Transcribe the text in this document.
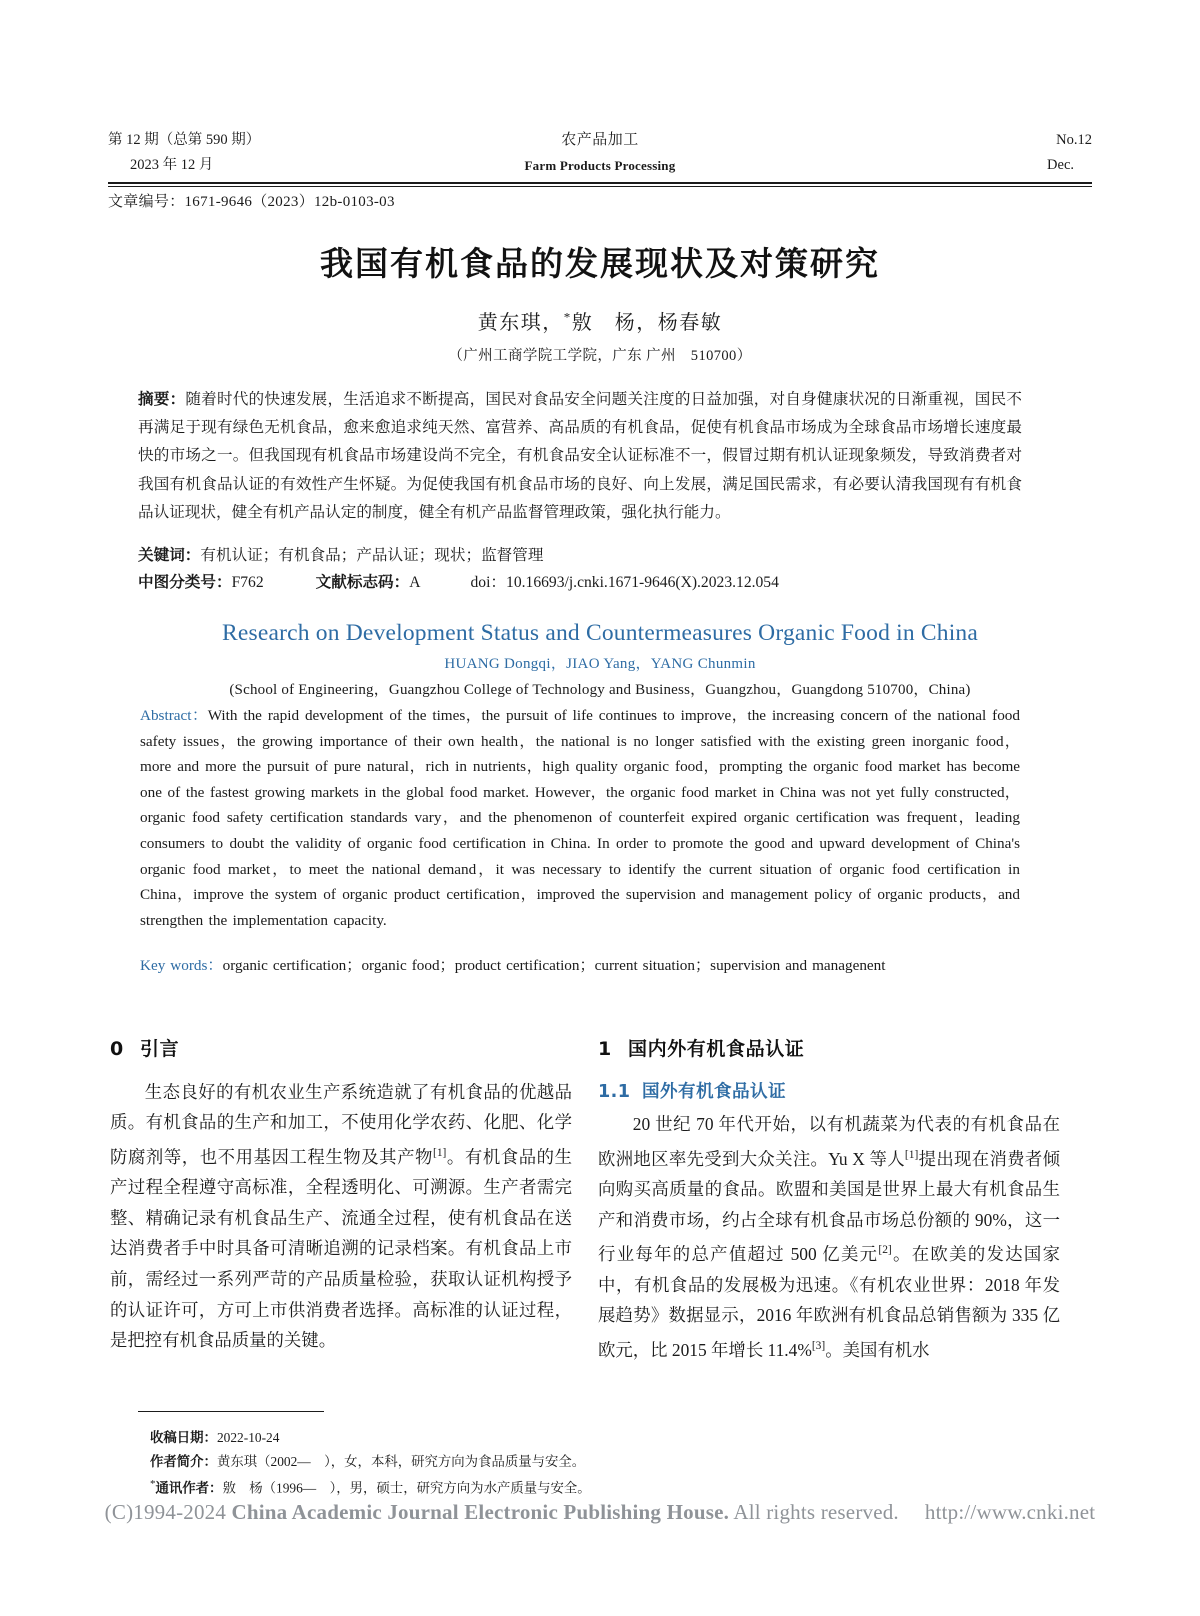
第 12 期（总第 590 期）
2023 年 12 月
农产品加工
Farm Products Processing
No.12
Dec.
文章编号：1671-9646（2023）12b-0103-03
我国有机食品的发展现状及对策研究
黄东琪，*敫　杨，杨春敏
（广州工商学院工学院，广东 广州　510700）
摘要：随着时代的快速发展，生活追求不断提高，国民对食品安全问题关注度的日益加强，对自身健康状况的日渐重视，国民不再满足于现有绿色无机食品，愈来愈追求纯天然、富营养、高品质的有机食品，促使有机食品市场成为全球食品市场增长速度最快的市场之一。但我国现有机食品市场建设尚不完全，有机食品安全认证标准不一，假冒过期有机认证现象频发，导致消费者对我国有机食品认证的有效性产生怀疑。为促使我国有机食品市场的良好、向上发展，满足国民需求，有必要认清我国现有有机食品认证现状，健全有机产品认定的制度，健全有机产品监督管理政策，强化执行能力。
关键词：有机认证；有机食品；产品认证；现状；监督管理
中图分类号：F762	文献标志码：A	doi：10.16693/j.cnki.1671-9646(X).2023.12.054
Research on Development Status and Countermeasures Organic Food in China
HUANG Dongqi，JIAO Yang，YANG Chunmin
(School of Engineering，Guangzhou College of Technology and Business，Guangzhou，Guangdong 510700，China)
Abstract：With the rapid development of the times，the pursuit of life continues to improve，the increasing concern of the national food safety issues，the growing importance of their own health，the national is no longer satisfied with the existing green inorganic food，more and more the pursuit of pure natural，rich in nutrients，high quality organic food，prompting the organic food market has become one of the fastest growing markets in the global food market. However，the organic food market in China was not yet fully constructed，organic food safety certification standards vary，and the phenomenon of counterfeit expired organic certification was frequent，leading consumers to doubt the validity of organic food certification in China. In order to promote the good and upward development of China's organic food market，to meet the national demand，it was necessary to identify the current situation of organic food certification in China，improve the system of organic product certification，improved the supervision and management policy of organic products，and strengthen the implementation capacity.
Key words：organic certification；organic food；product certification；current situation；supervision and managenent
0 引言

生态良好的有机农业生产系统造就了有机食品的优越品质。有机食品的生产和加工，不使用化学农药、化肥、化学防腐剂等，也不用基因工程生物及其产物[1]。有机食品的生产过程全程遵守高标准，全程透明化、可溯源。生产者需完整、精确记录有机食品生产、流通全过程，使有机食品在送达消费者手中时具备可清晰追溯的记录档案。有机食品上市前，需经过一系列严苛的产品质量检验，获取认证机构授予的认证许可，方可上市供消费者选择。高标准的认证过程，是把控有机食品质量的关键。

1 国内外有机食品认证
1.1 国外有机食品认证

20 世纪 70 年代开始，以有机蔬菜为代表的有机食品在欧洲地区率先受到大众关注。Yu X 等人[1]提出现在消费者倾向购买高质量的食品。欧盟和美国是世界上最大有机食品生产和消费市场，约占全球有机食品市场总份额的 90%，这一行业每年的总产值超过 500 亿美元[2]。在欧美的发达国家中，有机食品的发展极为迅速。《有机农业世界：2018 年发展趋势》数据显示，2016 年欧洲有机食品总销售额为 335 亿欧元，比 2015 年增长 11.4%[3]。美国有机水

收稿日期：2022-10-24
作者简介：黄东琪（2002—　），女，本科，研究方向为食品质量与安全。
*通讯作者：敫　杨（1996—　），男，硕士，研究方向为水产质量与安全。
(C)1994-2024 China Academic Journal Electronic Publishing House. All rights reserved. http://www.cnki.net
